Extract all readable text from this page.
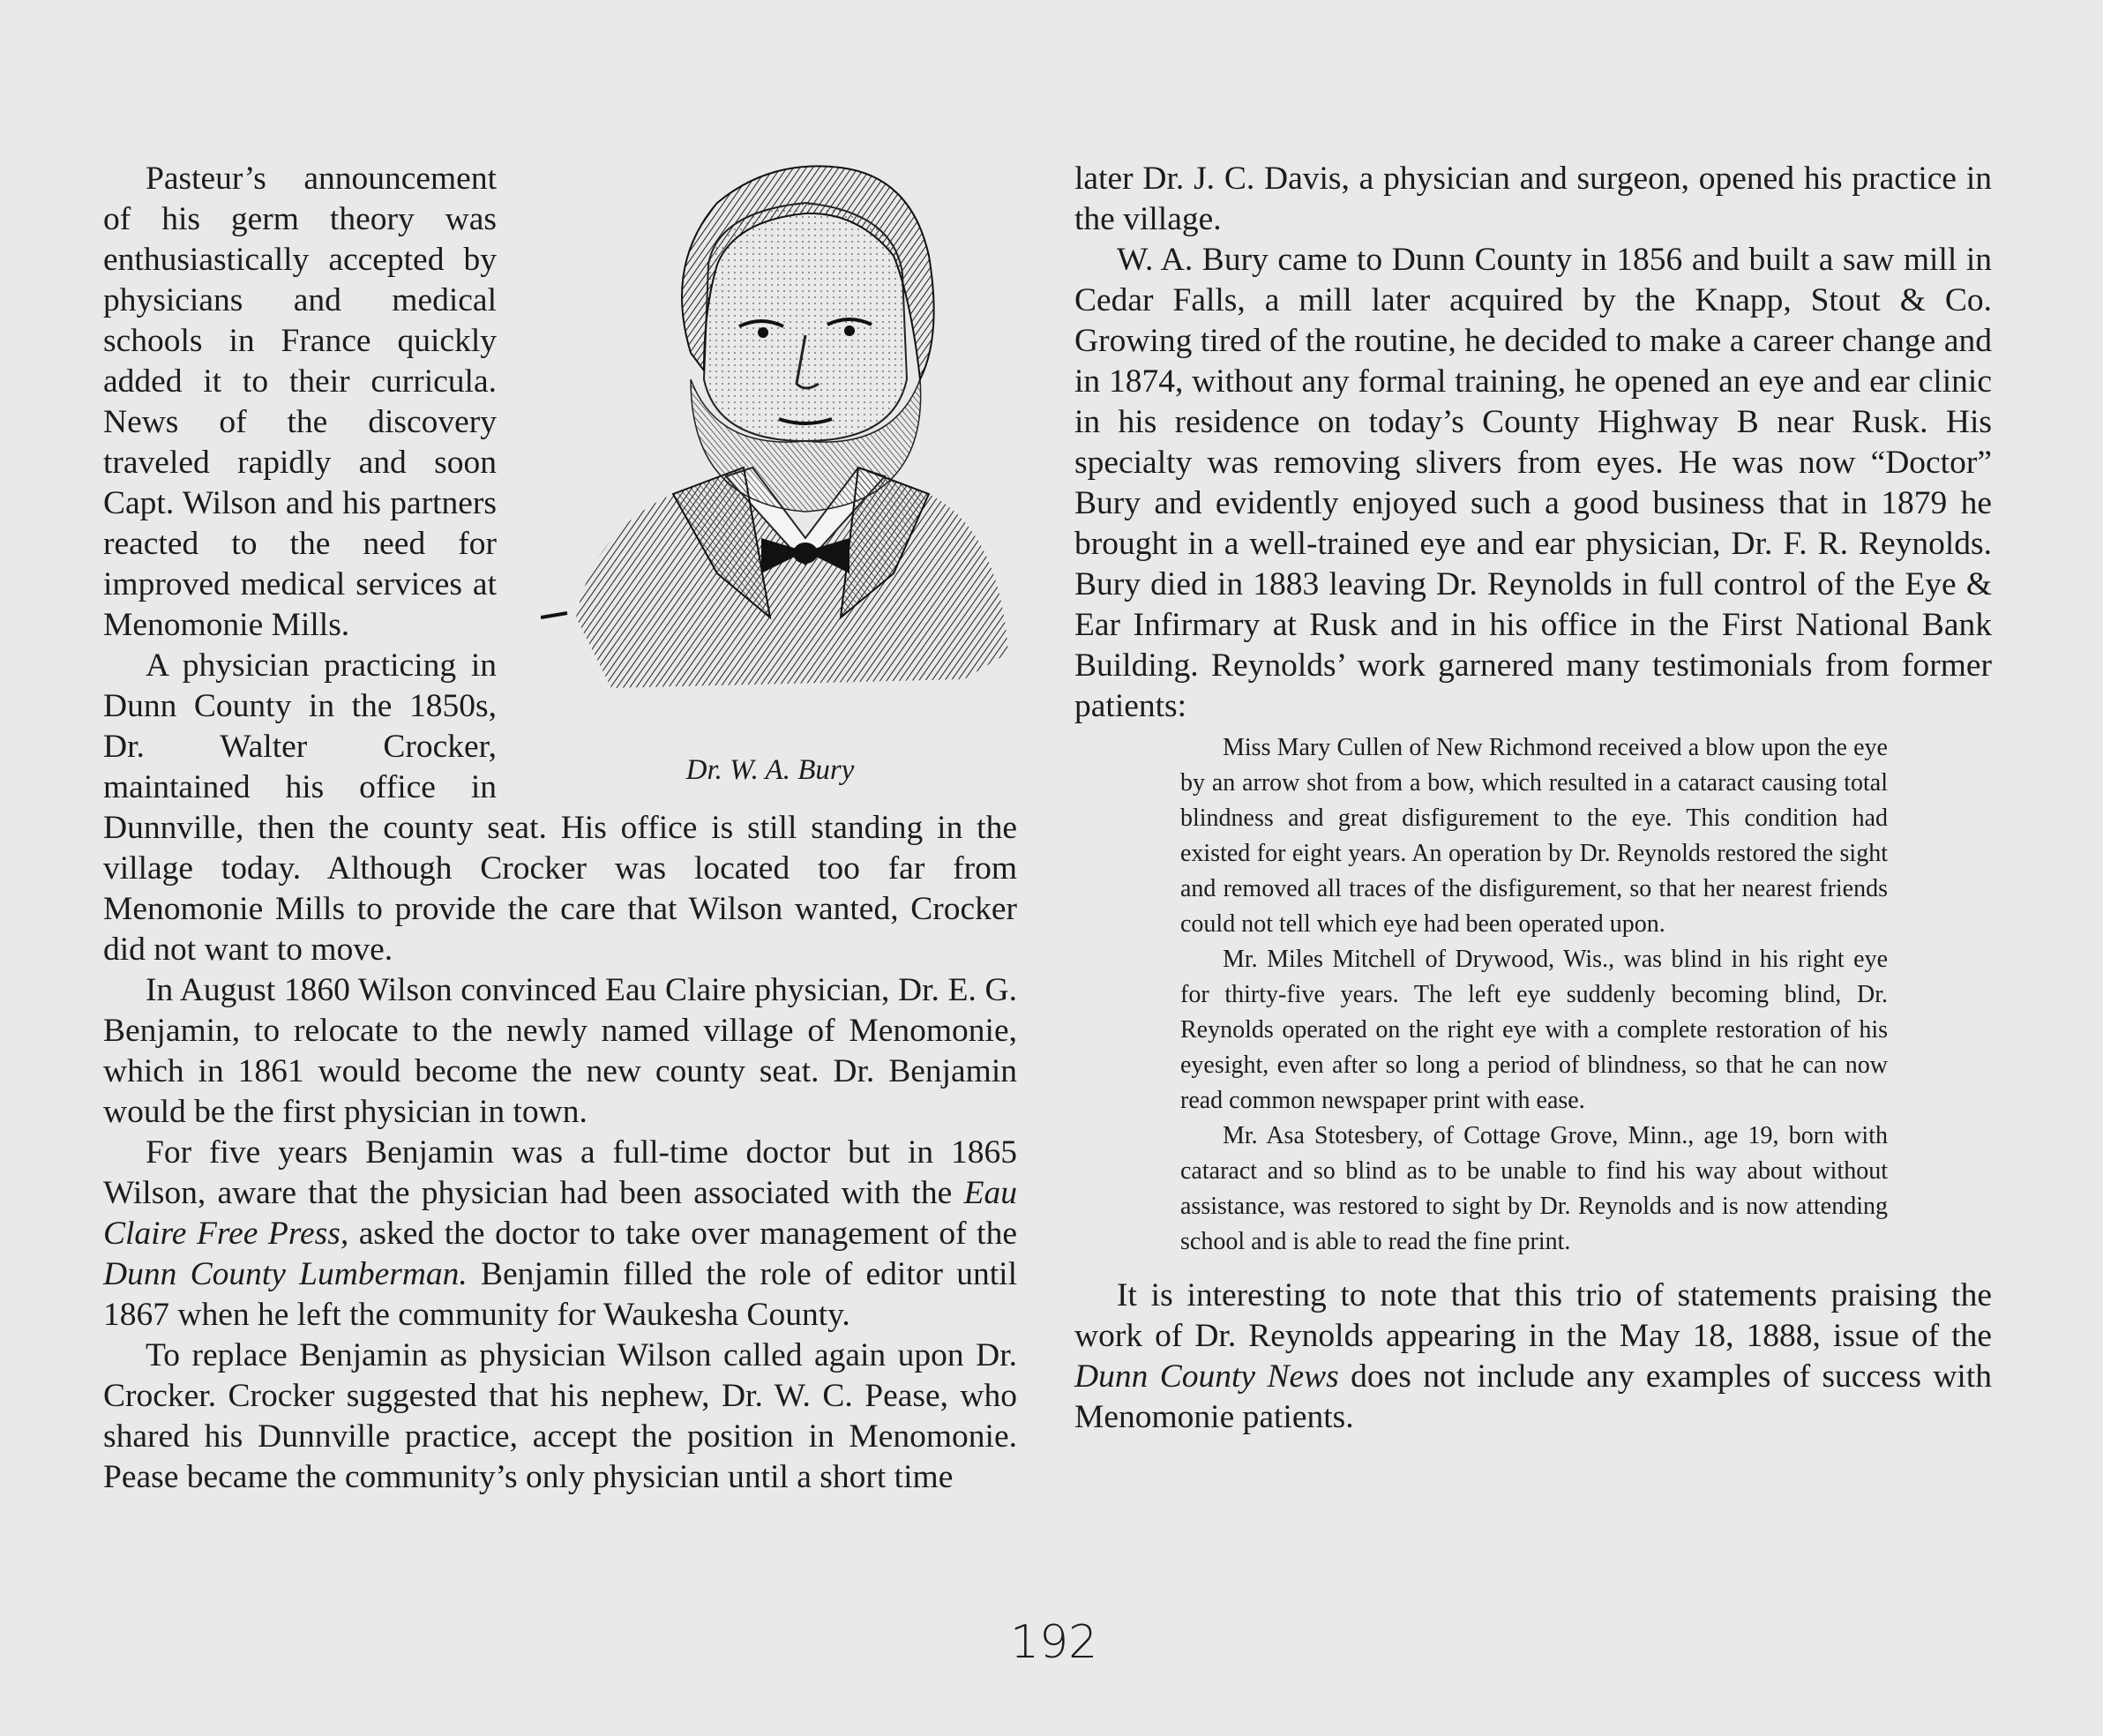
Dr. W. A. Bury

Pasteur’s announcement of his germ theory was enthusiastically accepted by physicians and medical schools in France quickly added it to their curricula. News of the discovery traveled rapidly and soon Capt. Wilson and his partners reacted to the need for improved medical services at Menomonie Mills.

A physician practicing in Dunn County in the 1850s, Dr. Walter Crocker, maintained his office in Dunnville, then the county seat. His office is still standing in the village today. Although Crocker was located too far from Menomonie Mills to provide the care that Wilson wanted, Crocker did not want to move.

In August 1860 Wilson convinced Eau Claire physician, Dr. E. G. Benjamin, to relocate to the newly named village of Menomonie, which in 1861 would become the new county seat. Dr. Benjamin would be the first physician in town.

For five years Benjamin was a full-time doctor but in 1865 Wilson, aware that the physician had been associated with the Eau Claire Free Press, asked the doctor to take over management of the Dunn County Lumberman. Benjamin filled the role of editor until 1867 when he left the community for Waukesha County.

To replace Benjamin as physician Wilson called again upon Dr. Crocker. Crocker suggested that his nephew, Dr. W. C. Pease, who shared his Dunnville practice, accept the position in Menomonie. Pease became the community’s only physician until a short time

later Dr. J. C. Davis, a physician and surgeon, opened his practice in the village.

W. A. Bury came to Dunn County in 1856 and built a saw mill in Cedar Falls, a mill later acquired by the Knapp, Stout & Co. Growing tired of the routine, he decided to make a career change and in 1874, without any formal training, he opened an eye and ear clinic in his residence on today’s County Highway B near Rusk. His specialty was removing slivers from eyes. He was now “Doctor” Bury and evidently enjoyed such a good business that in 1879 he brought in a well-trained eye and ear physician, Dr. F. R. Reynolds. Bury died in 1883 leaving Dr. Reynolds in full control of the Eye & Ear Infirmary at Rusk and in his office in the First National Bank Building. Reynolds’ work garnered many testimonials from former patients:

Miss Mary Cullen of New Richmond received a blow upon the eye by an arrow shot from a bow, which resulted in a cataract causing total blindness and great disfigurement to the eye. This condition had existed for eight years. An operation by Dr. Reynolds restored the sight and removed all traces of the disfigurement, so that her nearest friends could not tell which eye had been operated upon.

Mr. Miles Mitchell of Drywood, Wis., was blind in his right eye for thirty-five years. The left eye suddenly becoming blind, Dr. Reynolds operated on the right eye with a complete restoration of his eyesight, even after so long a period of blindness, so that he can now read common newspaper print with ease.

Mr. Asa Stotesbery, of Cottage Grove, Minn., age 19, born with cataract and so blind as to be unable to find his way about without assistance, was restored to sight by Dr. Reynolds and is now attending school and is able to read the fine print.

It is interesting to note that this trio of statements praising the work of Dr. Reynolds appearing in the May 18, 1888, issue of the Dunn County News does not include any examples of success with Menomonie patients.

192
